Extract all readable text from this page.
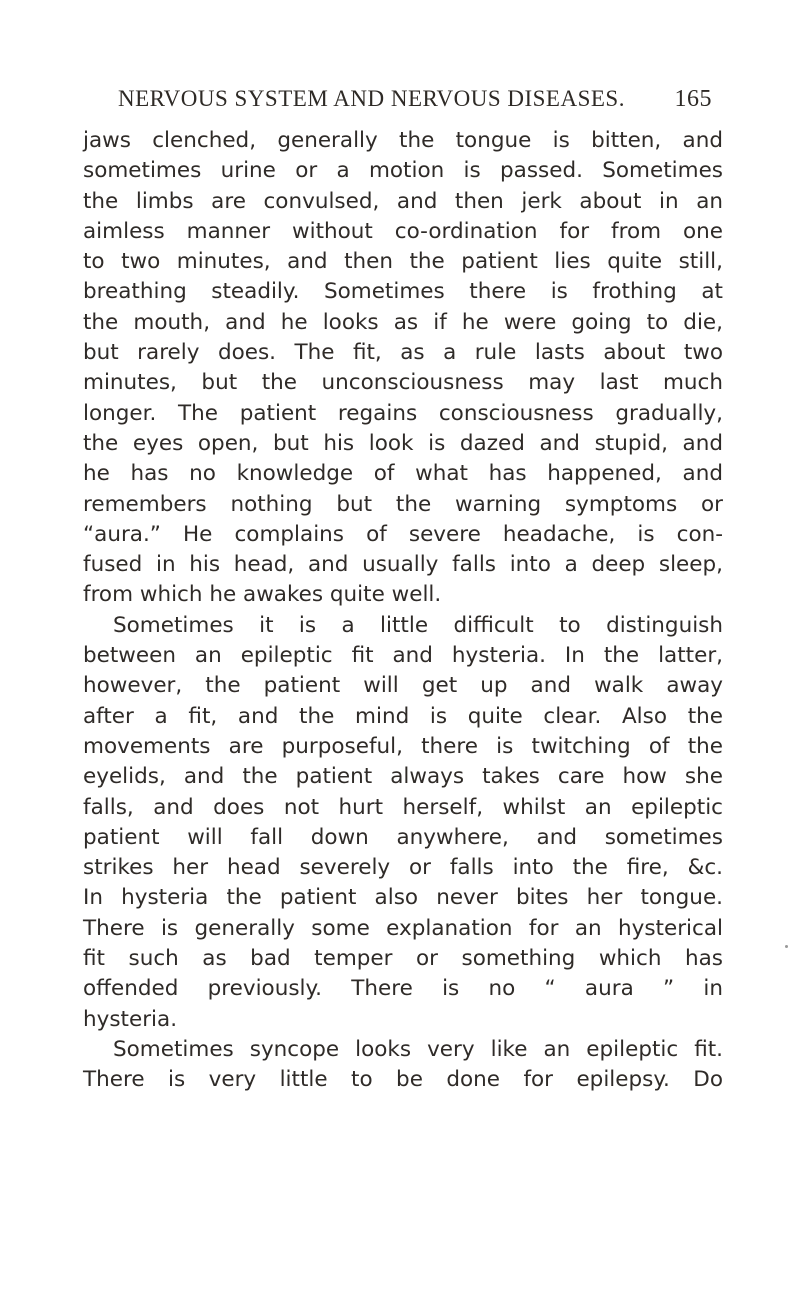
NERVOUS SYSTEM AND NERVOUS DISEASES. 165
jaws clenched, generally the tongue is bitten, and
sometimes urine or a motion is passed. Sometimes
the limbs are convulsed, and then jerk about in an
aimless manner without co-ordination for from one
to two minutes, and then the patient lies quite still,
breathing steadily. Sometimes there is frothing at
the mouth, and he looks as if he were going to die,
but rarely does. The fit, as a rule lasts about two
minutes, but the unconsciousness may last much
longer. The patient regains consciousness gradually,
the eyes open, but his look is dazed and stupid, and
he has no knowledge of what has happened, and
remembers nothing but the warning symptoms or
“aura.” He complains of severe headache, is con-
fused in his head, and usually falls into a deep sleep,
from which he awakes quite well.
Sometimes it is a little difficult to distinguish
between an epileptic fit and hysteria. In the latter,
however, the patient will get up and walk away
after a fit, and the mind is quite clear. Also the
movements are purposeful, there is twitching of the
eyelids, and the patient always takes care how she
falls, and does not hurt herself, whilst an epileptic
patient will fall down anywhere, and sometimes
strikes her head severely or falls into the fire, &c.
In hysteria the patient also never bites her tongue.
There is generally some explanation for an hysterical
fit such as bad temper or something which has
offended previously. There is no “ aura ” in
hysteria.
Sometimes syncope looks very like an epileptic fit.
There is very little to be done for epilepsy. Do
